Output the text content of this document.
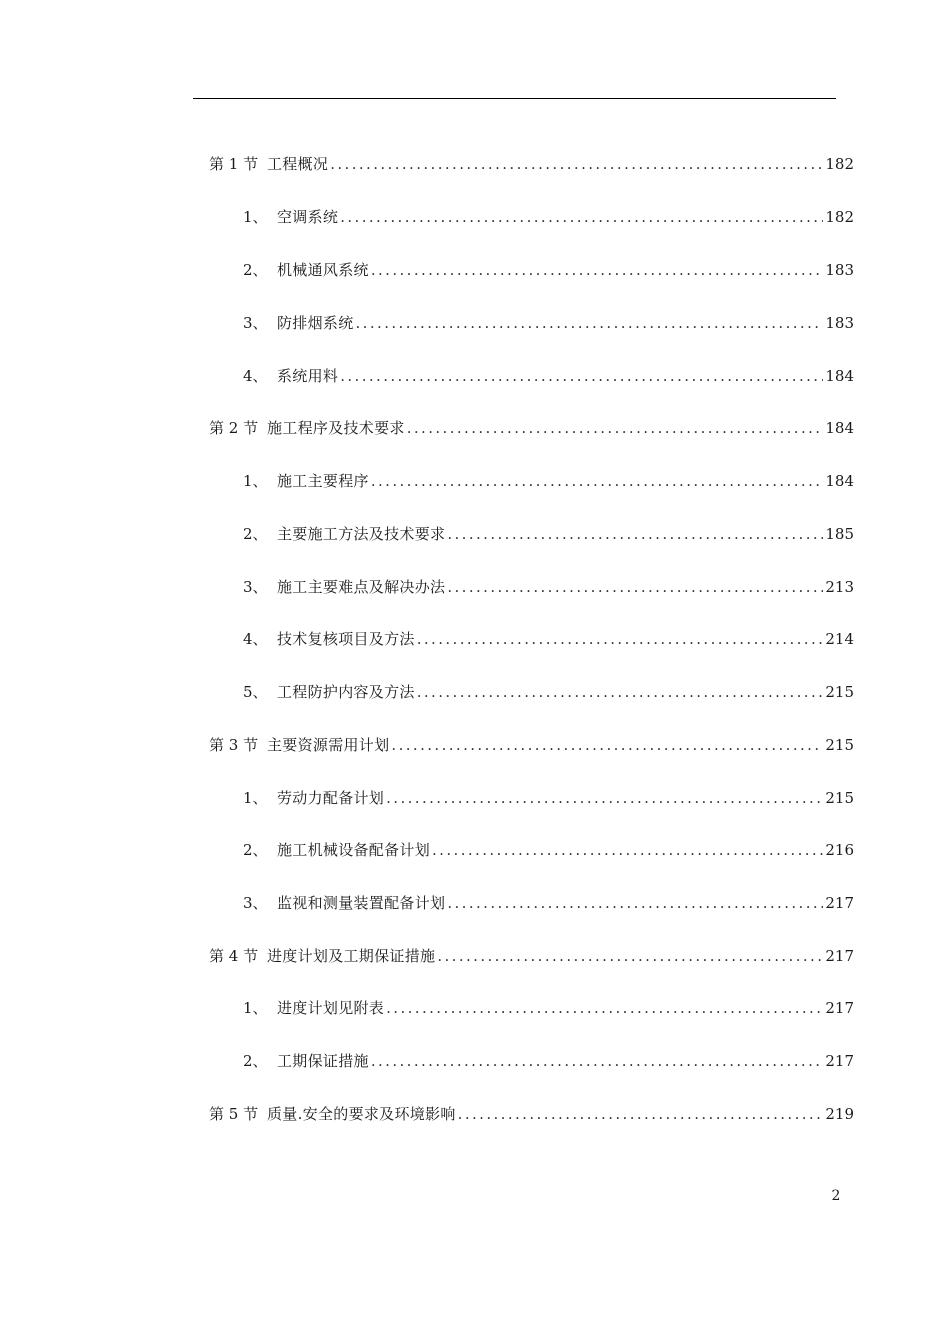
第 1 节 工程概况 .....	182
1、 空调系统 .....	182
2、 机械通风系统 .....	183
3、 防排烟系统 .....	183
4、 系统用料 .....	184
第 2 节 施工程序及技术要求 .....	184
1、 施工主要程序 .....	184
2、 主要施工方法及技术要求 .....	185
3、 施工主要难点及解决办法 .....	213
4、 技术复核项目及方法 .....	214
5、 工程防护内容及方法 .....	215
第 3 节 主要资源需用计划 .....	215
1、 劳动力配备计划 .....	215
2、 施工机械设备配备计划 .....	216
3、 监视和测量装置配备计划 .....	217
第 4 节 进度计划及工期保证措施 .....	217
1、 进度计划见附表 .....	217
2、 工期保证措施 .....	217
第 5 节 质量.安全的要求及环境影响 .....	219
2
